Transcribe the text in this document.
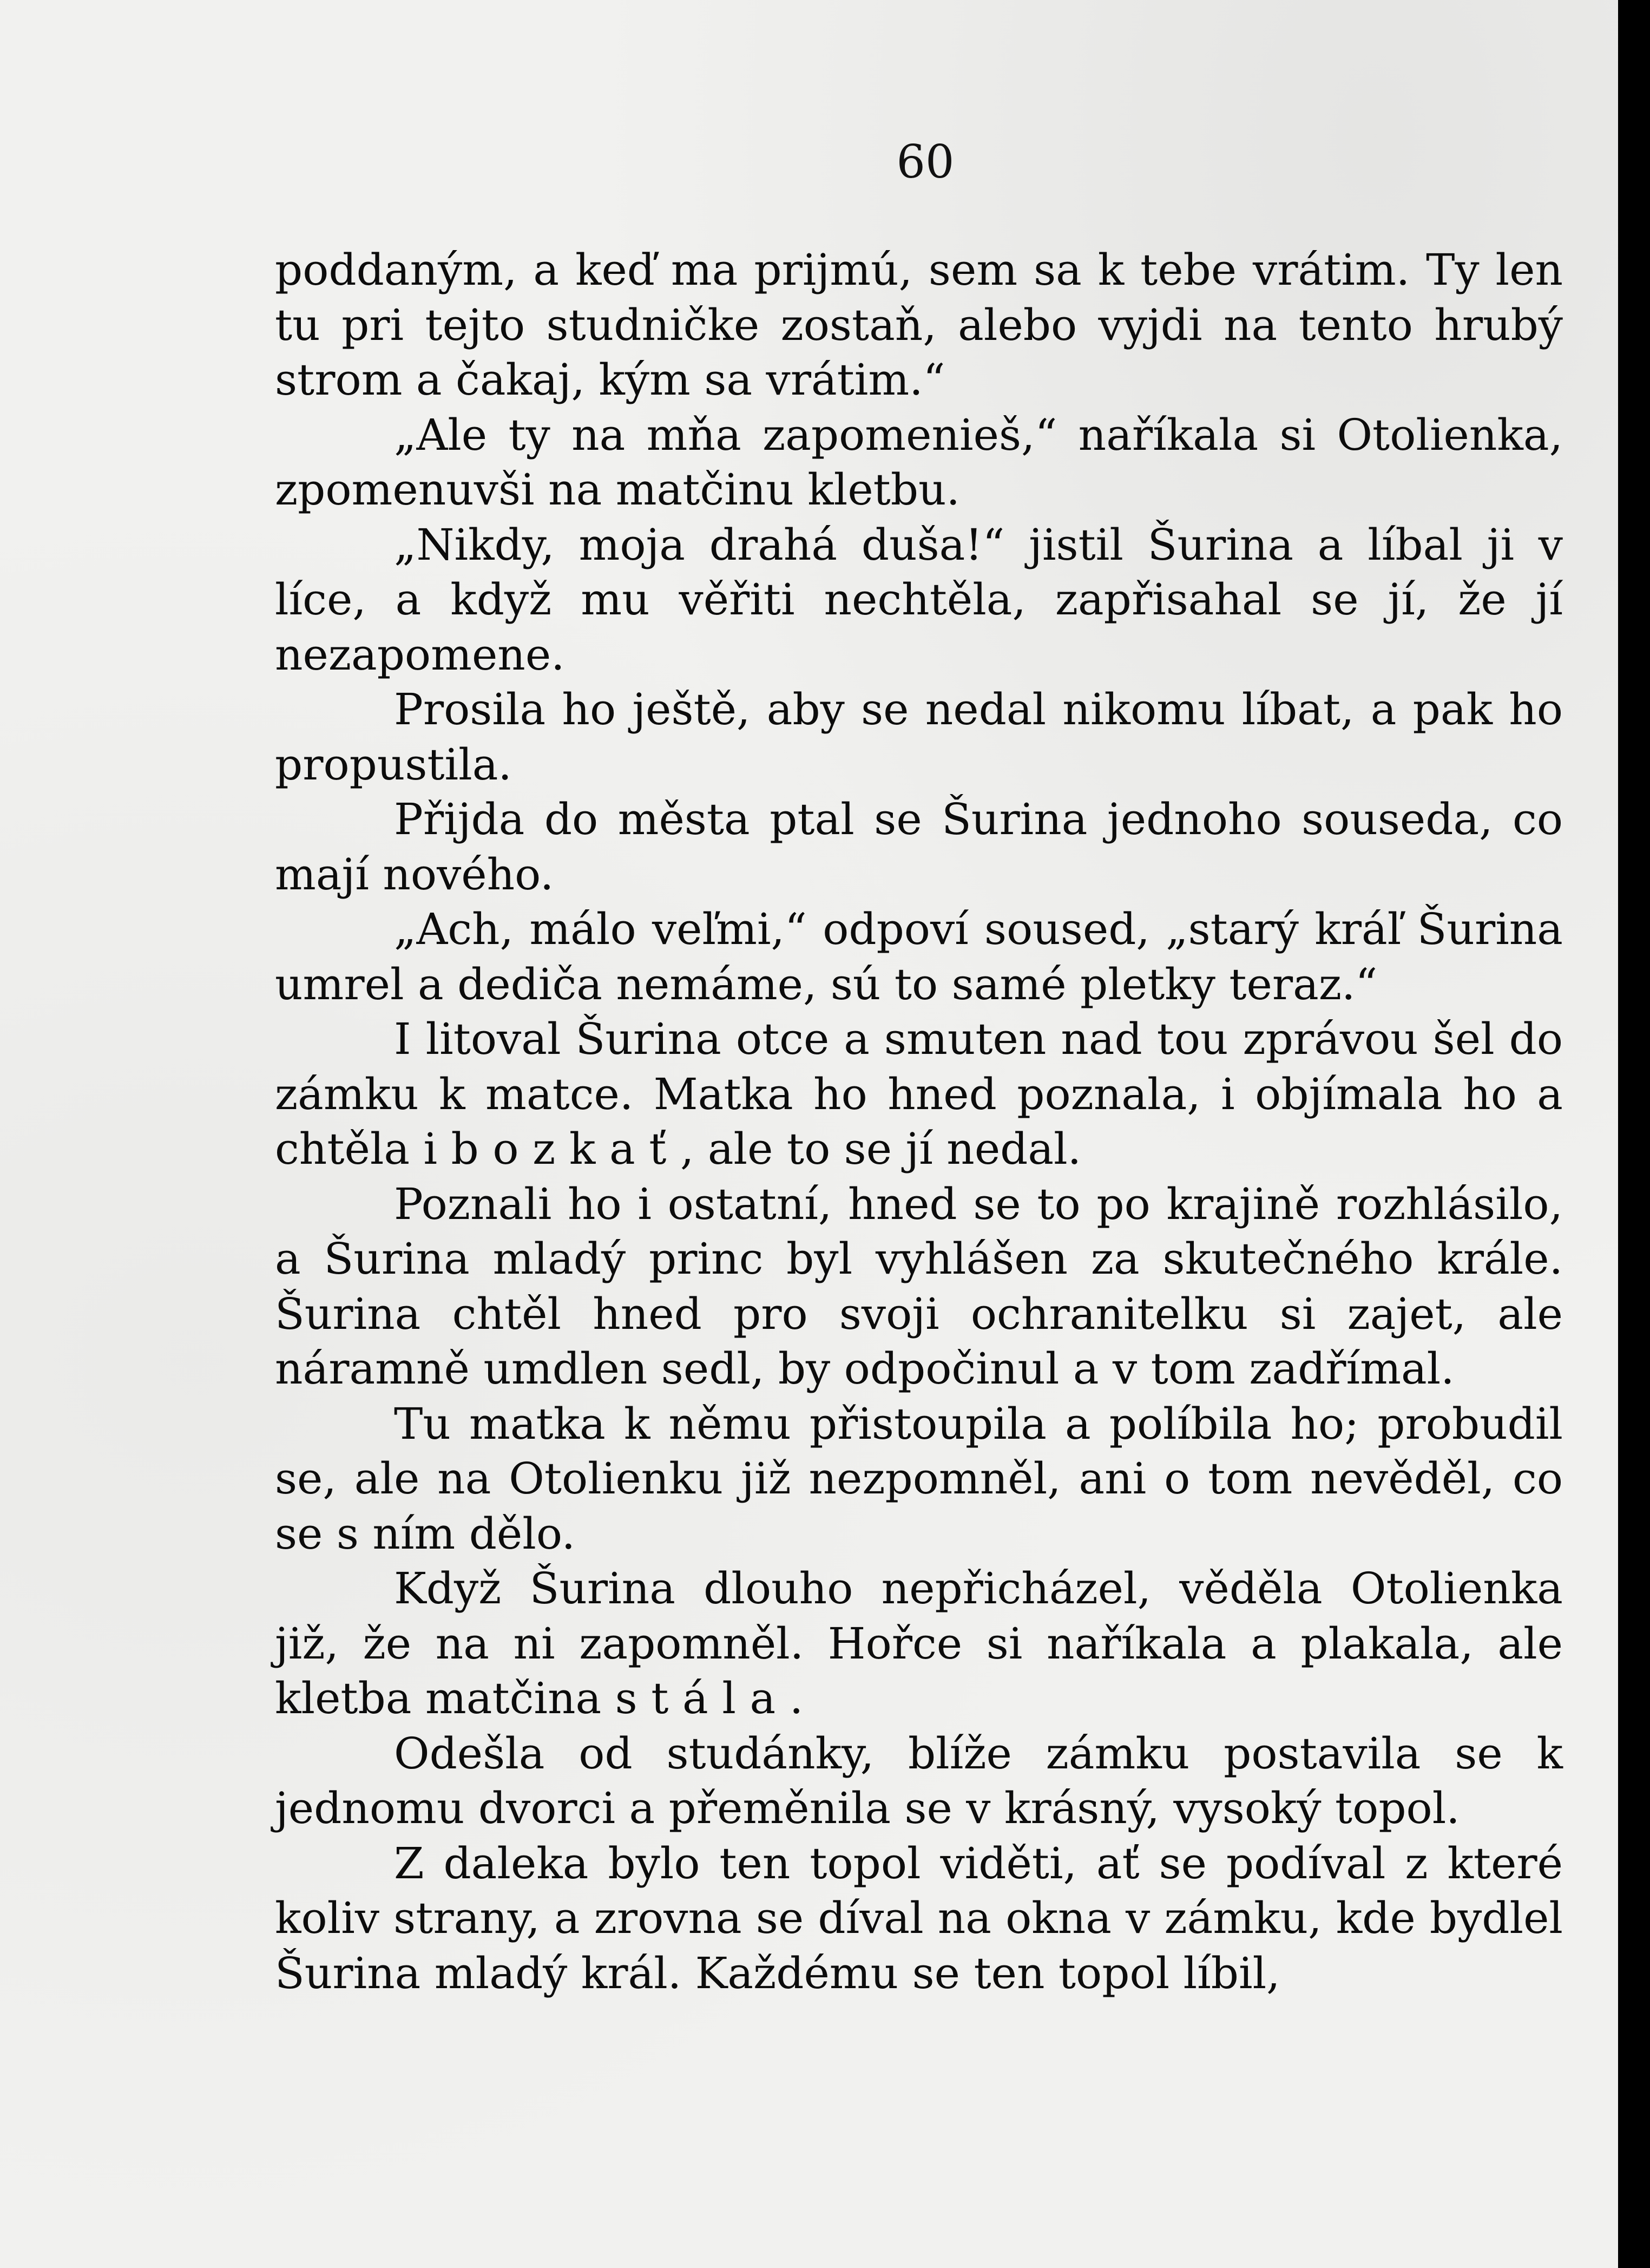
60

poddaným, a keď ma prijmú, sem sa k tebe vrátim. Ty len tu pri tejto studničke zostaň, alebo vyjdi na tento hrubý strom a čakaj, kým sa vrátim.“

„Ale ty na mňa zapomenieš,“ naříkala si Otolienka, zpomenuvši na matčinu kletbu.

„Nikdy, moja drahá duša!“ jistil Šurina a líbal ji v líce, a když mu věřiti nechtěla, zapřisahal se jí, že jí nezapomene.

Prosila ho ještě, aby se nedal nikomu líbat, a pak ho propustila.

Přijda do města ptal se Šurina jednoho souseda, co mají nového.

„Ach, málo veľmi,“ odpoví soused, „starý kráľ Šurina umrel a dediča nemáme, sú to samé pletky teraz.“

I litoval Šurina otce a smuten nad tou zprávou šel do zámku k matce. Matka ho hned poznala, i objímala ho a chtěla i bozkať, ale to se jí nedal.

Poznali ho i ostatní, hned se to po krajině rozhlásilo, a Šurina mladý princ byl vyhlášen za skutečného krále. Šurina chtěl hned pro svoji ochranitelku si zajet, ale náramně umdlen sedl, by odpočinul a v tom zadřímal.

Tu matka k němu přistoupila a políbila ho; probudil se, ale na Otolienku již nezpomněl, ani o tom nevěděl, co se s ním dělo.

Když Šurina dlouho nepřicházel, věděla Otolienka již, že na ni zapomněl. Hořce si naříkala a plakala, ale kletba matčina stála.

Odešla od studánky, blíže zámku postavila se k jednomu dvorci a přeměnila se v krásný, vysoký topol.

Z daleka bylo ten topol viděti, ať se podíval z které koliv strany, a zrovna se díval na okna v zámku, kde bydlel Šurina mladý král. Každému se ten topol líbil,
